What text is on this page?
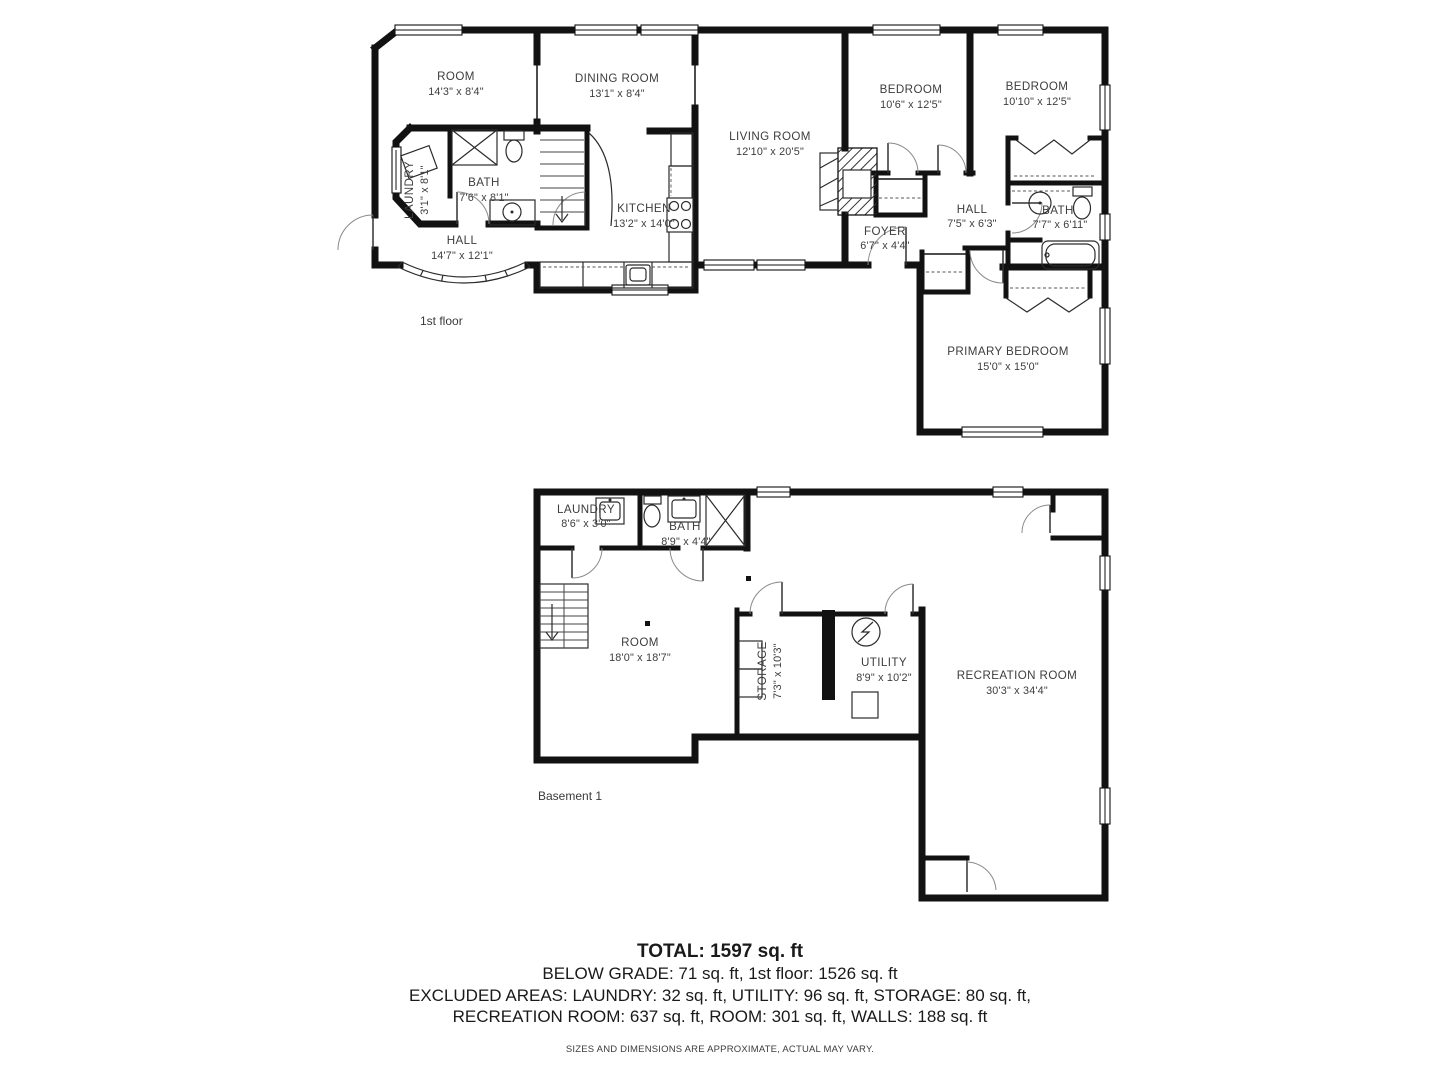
ROOM
14'3" x 8'4"
DINING ROOM
13'1" x 8'4"
LIVING ROOM
12'10" x 20'5"
BEDROOM
10'6" x 12'5"
BEDROOM
10'10" x 12'5"
LAUNDRY 3'1" x 8'1"	BATH
7'6" x 8'1"
KITCHEN
13'2" x 14'0"
HALL
14'7" x 12'1"
HALL
7'5" x 6'3"
FOYER
6'7" x 4'4"
BATH
7'7" x 6'11"
PRIMARY BEDROOM
15'0" x 15'0"
1st floor
LAUNDRY
8'6" x 3'0"	BATH
8'9" x 4'4"
ROOM
18'0" x 18'7"	STORAGE 7'3" x 10'3"	UTILITY
8'9" x 10'2"	RECREATION ROOM
30'3" x 34'4"
Basement 1
TOTAL: 1597 sq. ft
BELOW GRADE: 71 sq. ft, 1st floor: 1526 sq. ft
EXCLUDED AREAS: LAUNDRY: 32 sq. ft, UTILITY: 96 sq. ft, STORAGE: 80 sq. ft,
RECREATION ROOM: 637 sq. ft, ROOM: 301 sq. ft, WALLS: 188 sq. ft
SIZES AND DIMENSIONS ARE APPROXIMATE, ACTUAL MAY VARY.
